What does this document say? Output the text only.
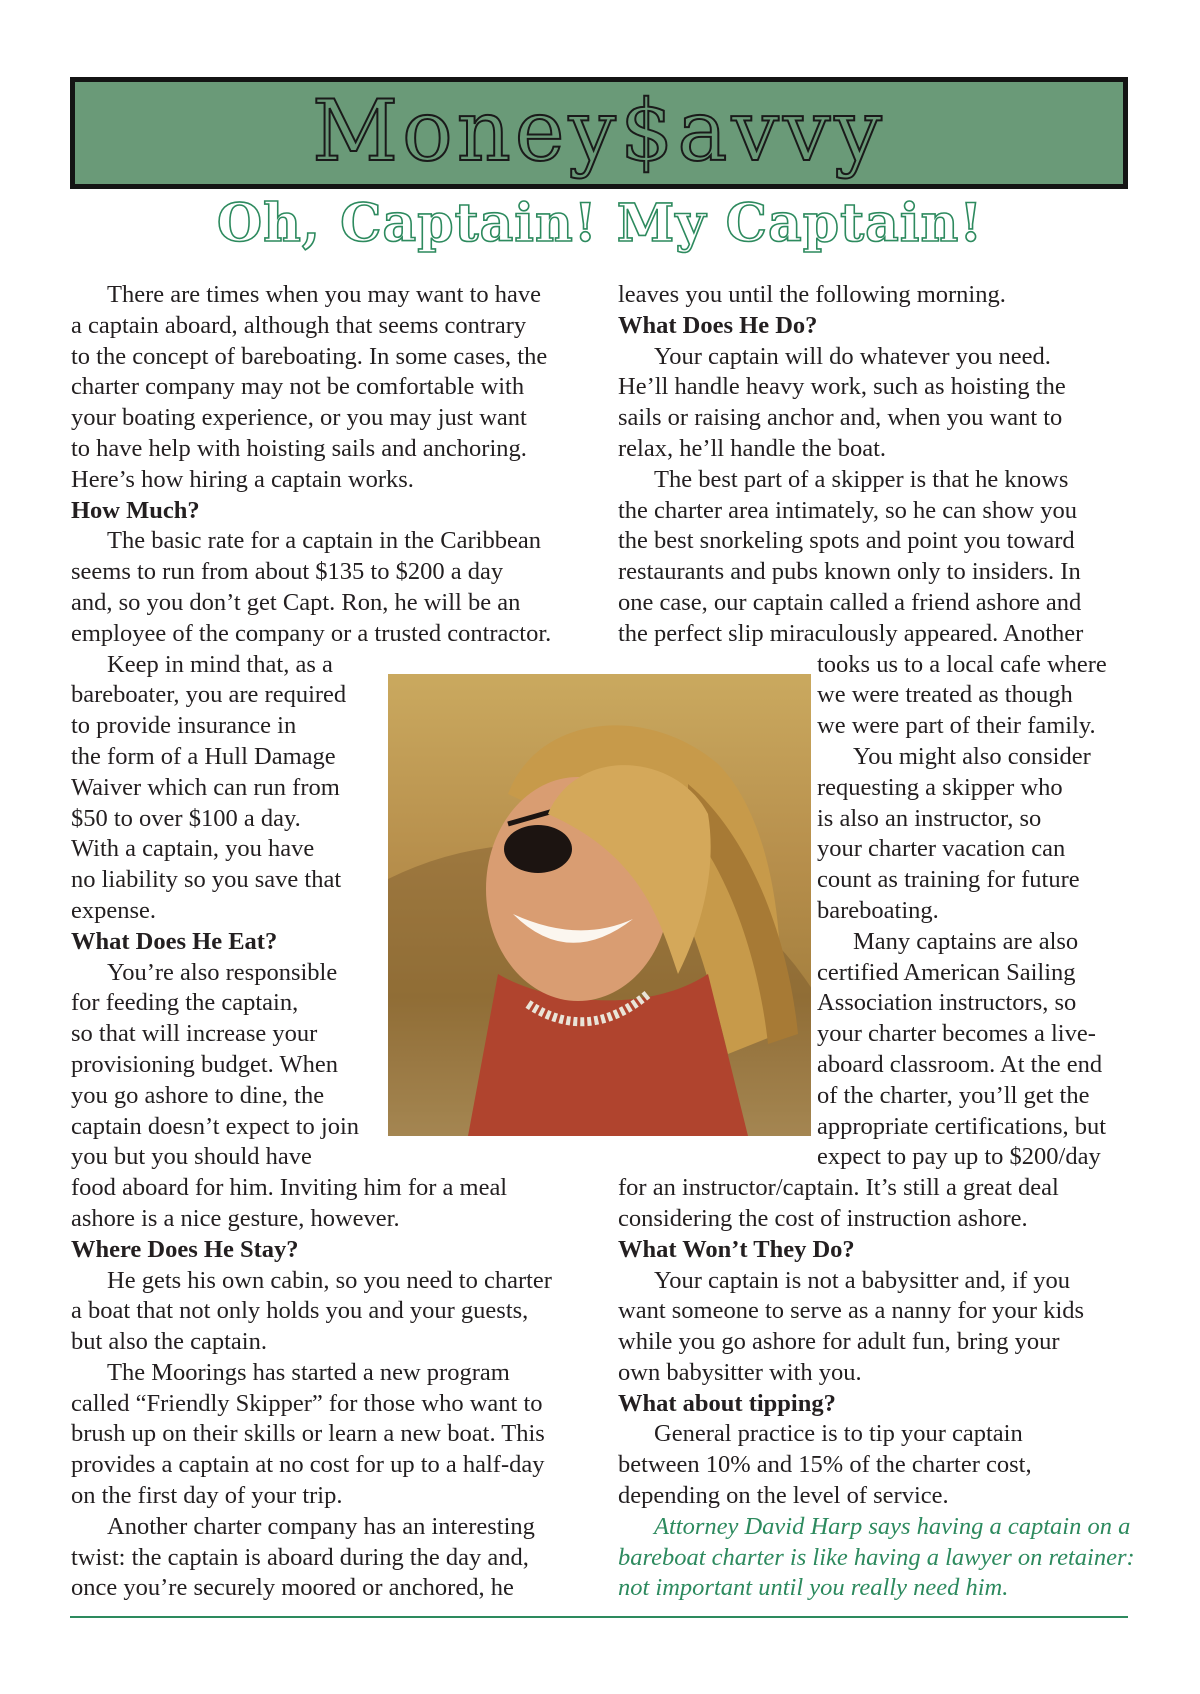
Money$avvy
Oh, Captain! My Captain!
There are times when you may want to have
a captain aboard, although that seems contrary
to the concept of bareboating. In some cases, the
charter company may not be comfortable with
your boating experience, or you may just want
to have help with hoisting sails and anchoring.
Here’s how hiring a captain works.
How Much?
The basic rate for a captain in the Caribbean
seems to run from about $135 to $200 a day
and, so you don’t get Capt. Ron, he will be an
employee of the company or a trusted contractor.
Keep in mind that, as a
bareboater, you are required
to provide insurance in
the form of a Hull Damage
Waiver which can run from
$50 to over $100 a day.
With a captain, you have
no liability so you save that
expense.
What Does He Eat?
You’re also responsible
for feeding the captain,
so that will increase your
provisioning budget. When
you go ashore to dine, the
captain doesn’t expect to join
you but you should have
food aboard for him. Inviting him for a meal
ashore is a nice gesture, however.
Where Does He Stay?
He gets his own cabin, so you need to charter
a boat that not only holds you and your guests,
but also the captain.
The Moorings has started a new program
called “Friendly Skipper” for those who want to
brush up on their skills or learn a new boat. This
provides a captain at no cost for up to a half-day
on the first day of your trip.
Another charter company has an interesting
twist: the captain is aboard during the day and,
once you’re securely moored or anchored, he
leaves you until the following morning.
What Does He Do?
Your captain will do whatever you need.
He’ll handle heavy work, such as hoisting the
sails or raising anchor and, when you want to
relax, he’ll handle the boat.
The best part of a skipper is that he knows
the charter area intimately, so he can show you
the best snorkeling spots and point you toward
restaurants and pubs known only to insiders. In
one case, our captain called a friend ashore and
the perfect slip miraculously appeared. Another
tooks us to a local cafe where
we were treated as though
we were part of their family.
You might also consider
requesting a skipper who
is also an instructor, so
your charter vacation can
count as training for future
bareboating.
Many captains are also
certified American Sailing
Association instructors, so
your charter becomes a live-
aboard classroom. At the end
of the charter, you’ll get the
appropriate certifications, but
expect to pay up to $200/day
for an instructor/captain. It’s still a great deal
considering the cost of instruction ashore.
What Won’t They Do?
Your captain is not a babysitter and, if you
want someone to serve as a nanny for your kids
while you go ashore for adult fun, bring your
own babysitter with you.
What about tipping?
General practice is to tip your captain
between 10% and 15% of the charter cost,
depending on the level of service.
Attorney David Harp says having a captain on a
bareboat charter is like having a lawyer on retainer:
not important until you really need him.
